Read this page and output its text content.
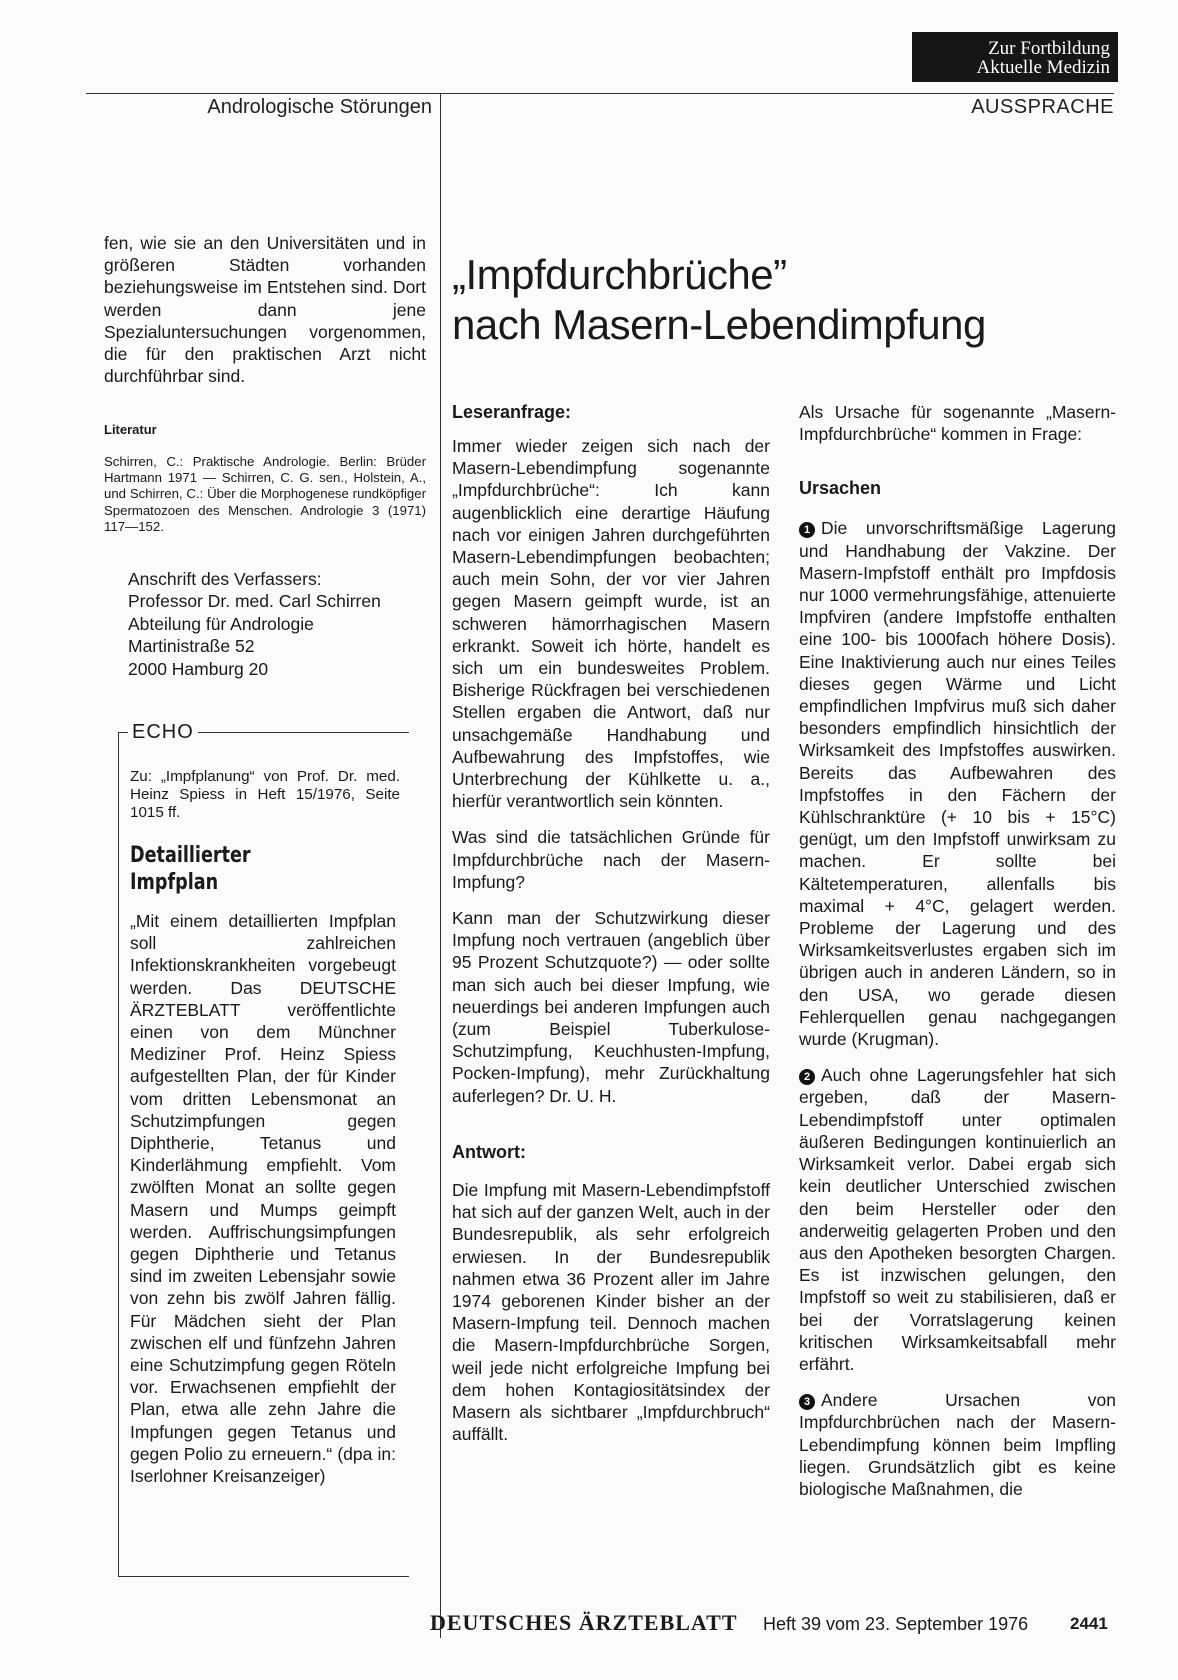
Zur Fortbildung
Aktuelle Medizin
Andrologische Störungen	AUSSPRACHE

fen, wie sie an den Universitäten und in größeren Städten vorhanden beziehungsweise im Entstehen sind. Dort werden dann jene Spezialuntersuchungen vorgenommen, die für den praktischen Arzt nicht durchführbar sind.

Literatur

Schirren, C.: Praktische Andrologie. Berlin: Brüder Hartmann 1971 — Schirren, C. G. sen., Holstein, A., und Schirren, C.: Über die Morphogenese rundköpfiger Spermatozoen des Menschen. Andrologie 3 (1971) 117—152.

Anschrift des Verfassers:
Professor Dr. med. Carl Schirren
Abteilung für Andrologie
Martinistraße 52
2000 Hamburg 20
ECHO
Zu: „Impfplanung“ von Prof. Dr. med. Heinz Spiess in Heft 15/1976, Seite 1015 ff.
Detaillierter
Impfplan
„Mit einem detaillierten Impfplan soll zahlreichen Infektionskrankheiten vorgebeugt werden. Das DEUTSCHE ÄRZTEBLATT veröffentlichte einen von dem Münchner Mediziner Prof. Heinz Spiess aufgestellten Plan, der für Kinder vom dritten Lebensmonat an Schutzimpfungen gegen Diphtherie, Tetanus und Kinderlähmung empfiehlt. Vom zwölften Monat an sollte gegen Masern und Mumps geimpft werden. Auffrischungsimpfungen gegen Diphtherie und Tetanus sind im zweiten Lebensjahr sowie von zehn bis zwölf Jahren fällig. Für Mädchen sieht der Plan zwischen elf und fünfzehn Jahren eine Schutzimpfung gegen Röteln vor. Erwachsenen empfiehlt der Plan, etwa alle zehn Jahre die Impfungen gegen Tetanus und gegen Polio zu erneuern.“ (dpa in: Iserlohner Kreisanzeiger)
„Impfdurchbrüche”
nach Masern-Lebendimpfung

Leseranfrage:

Immer wieder zeigen sich nach der Masern-Lebendimpfung sogenannte „Impfdurchbrüche“: Ich kann augenblicklich eine derartige Häufung nach vor einigen Jahren durchgeführten Masern-Lebendimpfungen beobachten; auch mein Sohn, der vor vier Jahren gegen Masern geimpft wurde, ist an schweren hämorrhagischen Masern erkrankt. Soweit ich hörte, handelt es sich um ein bundesweites Problem. Bisherige Rückfragen bei verschiedenen Stellen ergaben die Antwort, daß nur unsachgemäße Handhabung und Aufbewahrung des Impfstoffes, wie Unterbrechung der Kühlkette u. a., hierfür verantwortlich sein könnten.

Was sind die tatsächlichen Gründe für Impfdurchbrüche nach der Masern-Impfung?

Kann man der Schutzwirkung dieser Impfung noch vertrauen (angeblich über 95 Prozent Schutzquote?) — oder sollte man sich auch bei dieser Impfung, wie neuerdings bei anderen Impfungen auch (zum Beispiel Tuberkulose-Schutzimpfung, Keuchhusten-Impfung, Pocken-Impfung), mehr Zurückhaltung auferlegen? Dr. U. H.

Antwort:

Die Impfung mit Masern-Lebendimpfstoff hat sich auf der ganzen Welt, auch in der Bundesrepublik, als sehr erfolgreich erwiesen. In der Bundesrepublik nahmen etwa 36 Prozent aller im Jahre 1974 geborenen Kinder bisher an der Masern-Impfung teil. Dennoch machen die Masern-Impfdurchbrüche Sorgen, weil jede nicht erfolgreiche Impfung bei dem hohen Kontagiositätsindex der Masern als sichtbarer „Impfdurchbruch“ auffällt.

Als Ursache für sogenannte „Masern-Impfdurchbrüche“ kommen in Frage:

Ursachen

1 Die unvorschriftsmäßige Lagerung und Handhabung der Vakzine. Der Masern-Impfstoff enthält pro Impfdosis nur 1000 vermehrungsfähige, attenuierte Impfviren (andere Impfstoffe enthalten eine 100- bis 1000fach höhere Dosis). Eine Inaktivierung auch nur eines Teiles dieses gegen Wärme und Licht empfindlichen Impfvirus muß sich daher besonders empfindlich hinsichtlich der Wirksamkeit des Impfstoffes auswirken. Bereits das Aufbewahren des Impfstoffes in den Fächern der Kühlschranktüre (+ 10 bis + 15°C) genügt, um den Impfstoff unwirksam zu machen. Er sollte bei Kältetemperaturen, allenfalls bis maximal + 4°C, gelagert werden. Probleme der Lagerung und des Wirksamkeitsverlustes ergaben sich im übrigen auch in anderen Ländern, so in den USA, wo gerade diesen Fehlerquellen genau nachgegangen wurde (Krugman).

2 Auch ohne Lagerungsfehler hat sich ergeben, daß der Masern-Lebendimpfstoff unter optimalen äußeren Bedingungen kontinuierlich an Wirksamkeit verlor. Dabei ergab sich kein deutlicher Unterschied zwischen den beim Hersteller oder den anderweitig gelagerten Proben und den aus den Apotheken besorgten Chargen. Es ist inzwischen gelungen, den Impfstoff so weit zu stabilisieren, daß er bei der Vorratslagerung keinen kritischen Wirksamkeitsabfall mehr erfährt.

3 Andere Ursachen von Impfdurchbrüchen nach der Masern-Lebendimpfung können beim Impfling liegen. Grundsätzlich gibt es keine biologische Maßnahmen, die

DEUTSCHES ÄRZTEBLATT Heft 39 vom 23. September 1976 2441
